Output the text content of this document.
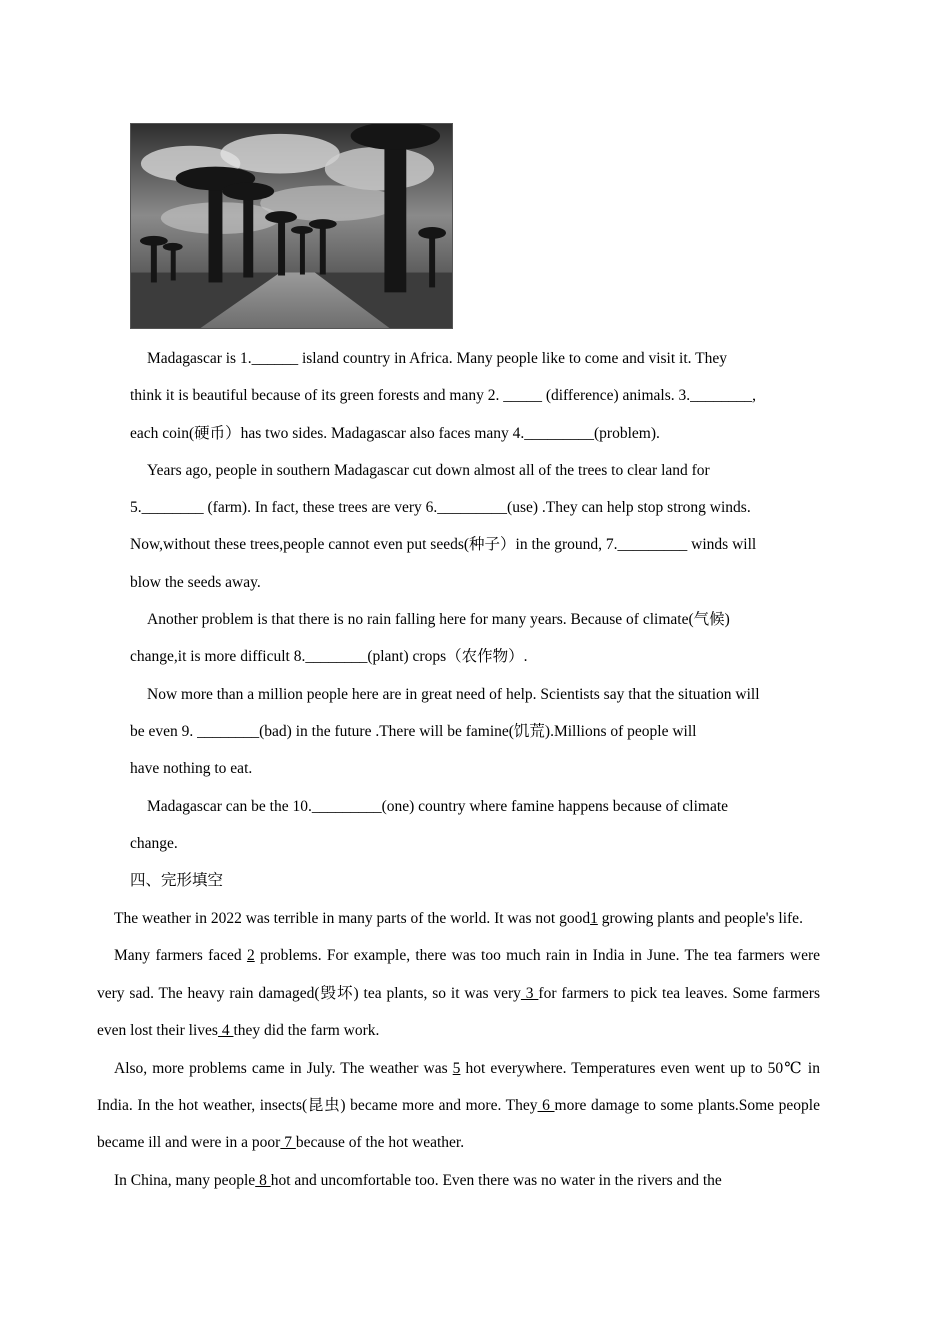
Madagascar is 1.______ island country in Africa. Many people like to come and visit it. They
think it is beautiful because of its green forests and many 2. _____ (difference) animals. 3.________,
each coin(硬币）has two sides. Madagascar also faces many 4._________(problem).
Years ago, people in southern Madagascar cut down almost all of the trees to clear land for
5.________ (farm). In fact, these trees are very 6._________(use) .They can help stop strong winds.
Now,without these trees,people cannot even put seeds(种子）in the ground, 7._________ winds will
blow the seeds away.
Another problem is that there is no rain falling here for many years. Because of climate(气候)
change,it is more difficult 8.________(plant) crops（农作物）.
Now more than a million people here are in great need of help. Scientists say that the situation will
be even 9. ________(bad) in the future .There will be famine(饥荒).Millions of people will
have nothing to eat.
Madagascar can be the 10._________(one) country where famine happens because of climate
change.
四、完形填空
The weather in 2022 was terrible in many parts of the world. It was not good1 growing plants and people's life.
Many farmers faced 2 problems. For example, there was too much rain in India in June. The tea farmers were very sad. The heavy rain damaged(毁坏) tea plants, so it was very 3 for farmers to pick tea leaves. Some farmers even lost their lives 4 they did the farm work.
Also, more problems came in July. The weather was 5 hot everywhere. Temperatures even went up to 50℃ in India. In the hot weather, insects(昆虫) became more and more. They 6 more damage to some plants.Some people became ill and were in a poor 7 because of the hot weather.
In China, many people 8 hot and uncomfortable too. Even there was no water in the rivers and the
